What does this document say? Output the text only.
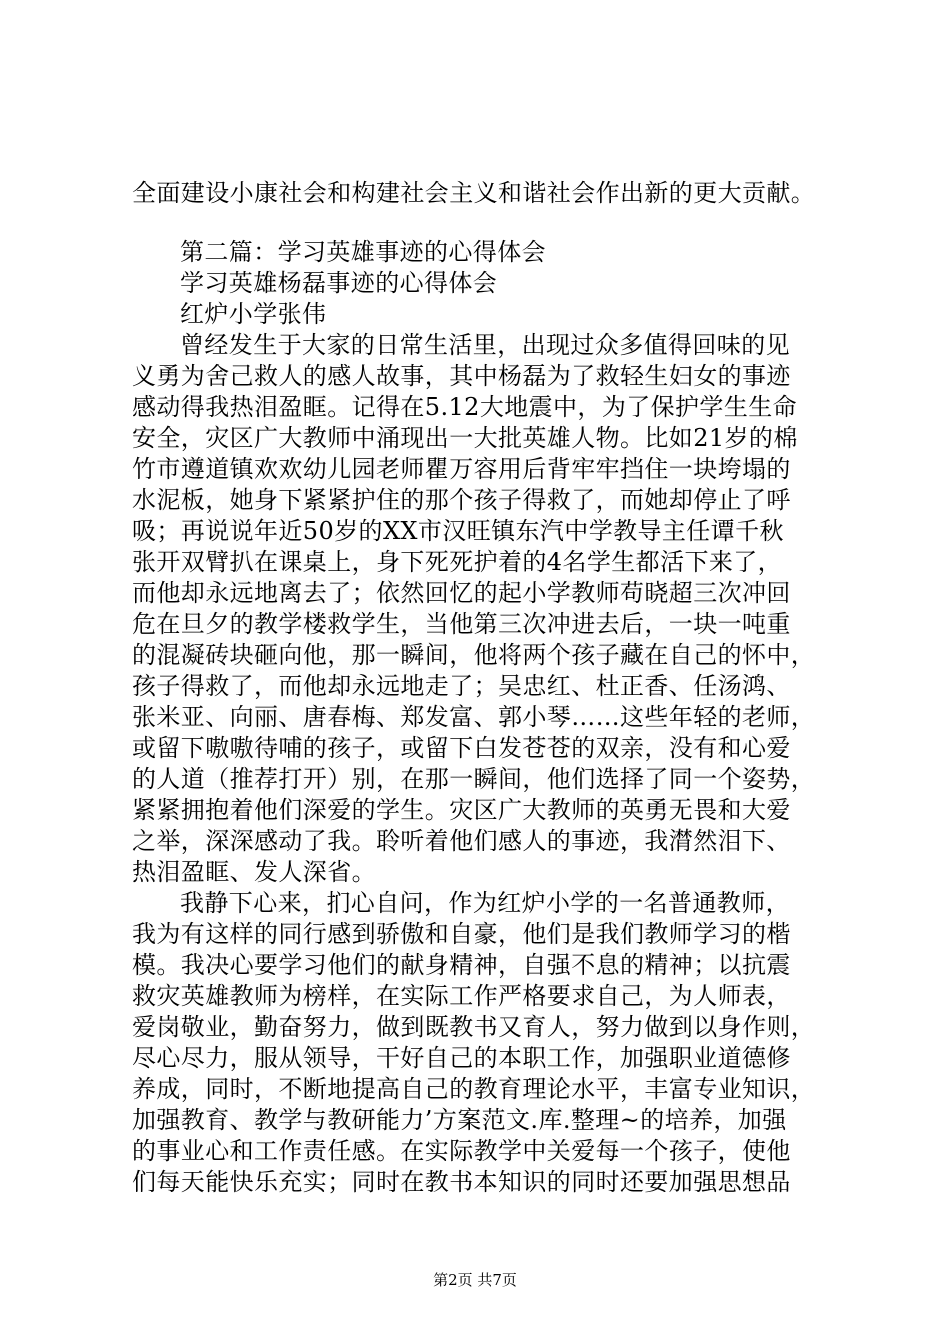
全面建设小康社会和构建社会主义和谐社会作出新的更大贡献。
第二篇：学习英雄事迹的心得体会
学习英雄杨磊事迹的心得体会
红炉小学张伟
曾经发生于大家的日常生活里，出现过众多值得回味的见
义勇为舍己救人的感人故事，其中杨磊为了救轻生妇女的事迹
感动得我热泪盈眶。记得在5.12大地震中，为了保护学生生命
安全，灾区广大教师中涌现出一大批英雄人物。比如21岁的棉
竹市遵道镇欢欢幼儿园老师瞿万容用后背牢牢挡住一块垮塌的
水泥板，她身下紧紧护住的那个孩子得救了，而她却停止了呼
吸；再说说年近50岁的XX市汉旺镇东汽中学教导主任谭千秋
张开双臂扒在课桌上，身下死死护着的4名学生都活下来了，
而他却永远地离去了；依然回忆的起小学教师苟晓超三次冲回
危在旦夕的教学楼救学生，当他第三次冲进去后，一块一吨重
的混凝砖块砸向他，那一瞬间，他将两个孩子藏在自己的怀中，
孩子得救了，而他却永远地走了；吴忠红、杜正香、任汤鸿、
张米亚、向丽、唐春梅、郑发富、郭小琴……这些年轻的老师，
或留下嗷嗷待哺的孩子，或留下白发苍苍的双亲，没有和心爱
的人道（推荐打开）别，在那一瞬间，他们选择了同一个姿势，
紧紧拥抱着他们深爱的学生。灾区广大教师的英勇无畏和大爱
之举，深深感动了我。聆听着他们感人的事迹，我潸然泪下、
热泪盈眶、发人深省。
我静下心来，扪心自问，作为红炉小学的一名普通教师，
我为有这样的同行感到骄傲和自豪，他们是我们教师学习的楷
模。我决心要学习他们的献身精神，自强不息的精神；以抗震
救灾英雄教师为榜样，在实际工作严格要求自己，为人师表，
爱岗敬业，勤奋努力，做到既教书又育人，努力做到以身作则，
尽心尽力，服从领导，干好自己的本职工作，加强职业道德修
养成，同时，不断地提高自己的教育理论水平，丰富专业知识，
加强教育、教学与教研能力’方案范文.库.整理~的培养，加强
的事业心和工作责任感。在实际教学中关爱每一个孩子，使他
们每天能快乐充实；同时在教书本知识的同时还要加强思想品
第2页 共7页
